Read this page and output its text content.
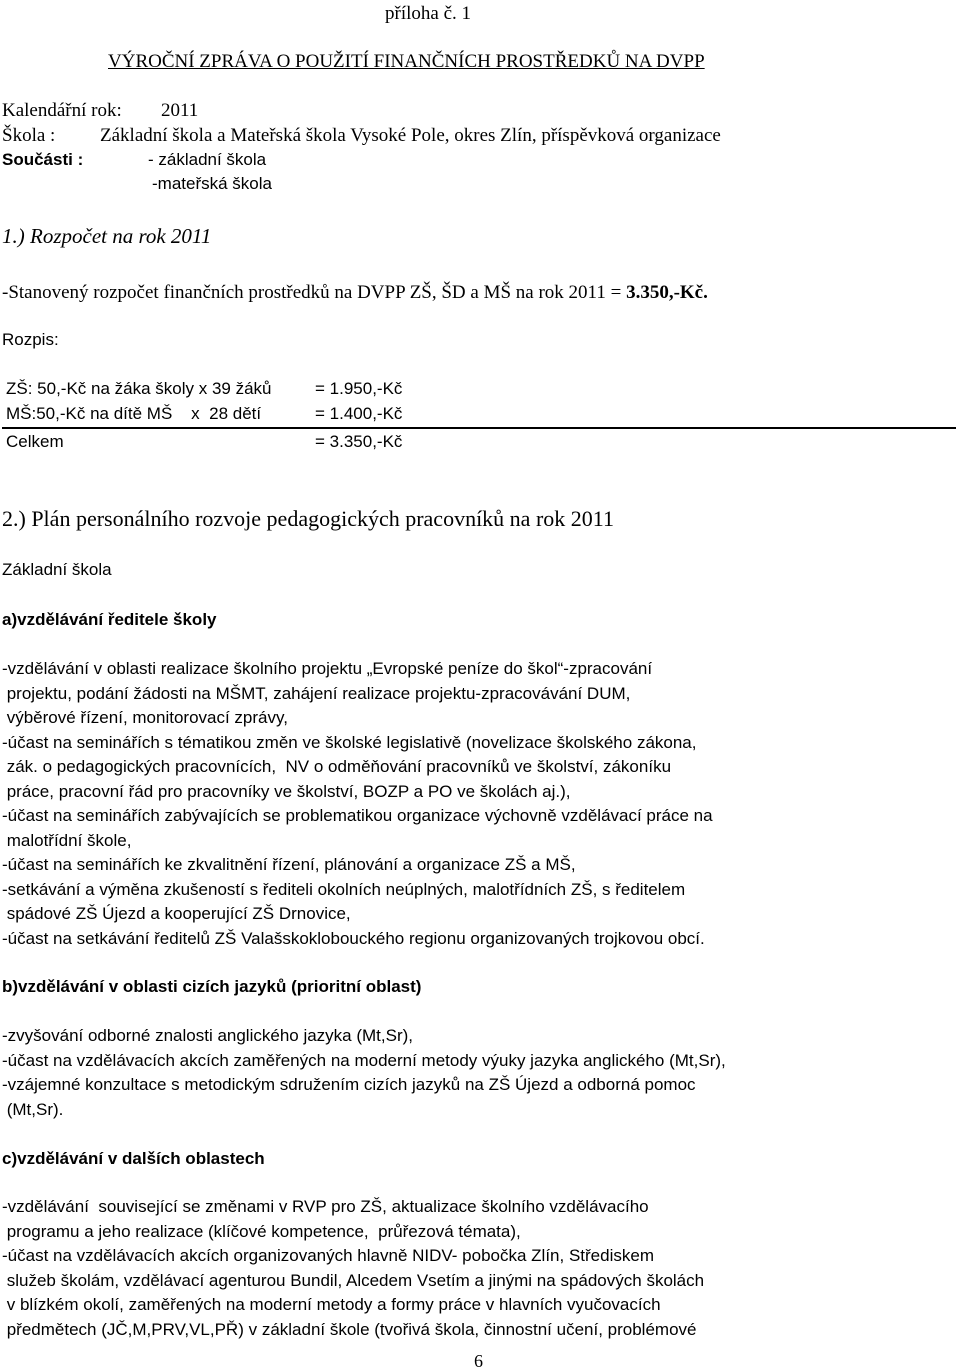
příloha č. 1
VÝROČNÍ ZPRÁVA O POUŽITÍ FINANČNÍCH PROSTŘEDKŮ NA DVPP
Kalendářní rok: 2011
Škola : Základní škola a Mateřská škola Vysoké Pole, okres Zlín, příspěvková organizace
Součásti :	- základní škola
-mateřská škola
1.) Rozpočet na rok 2011
-Stanovený rozpočet finančních prostředků na DVPP ZŠ, ŠD a MŠ na rok 2011 = 3.350,-Kč.
Rozpis:
ZŠ: 50,-Kč na žáka školy x 39 žáků	= 1.950,-Kč
MŠ:50,-Kč na dítě MŠ    x  28 dětí	= 1.400,-Kč
Celkem	= 3.350,-Kč
2.) Plán personálního rozvoje pedagogických pracovníků na rok 2011
Základní škola
a)vzdělávání ředitele školy
-vzdělávání v oblasti realizace školního projektu „Evropské peníze do škol“-zpracování
projektu, podání žádosti na MŠMT, zahájení realizace projektu-zpracovávání DUM,
výběrové řízení, monitorovací zprávy,
-účast na seminářích s tématikou změn ve školské legislativě (novelizace školského zákona,
zák. o pedagogických pracovnících,  NV o odměňování pracovníků ve školství, zákoníku
práce, pracovní řád pro pracovníky ve školství, BOZP a PO ve školách aj.),
-účast na seminářích zabývajících se problematikou organizace výchovně vzdělávací práce na
malotřídní škole,
-účast na seminářích ke zkvalitnění řízení, plánování a organizace ZŠ a MŠ,
-setkávání a výměna zkušeností s řediteli okolních neúplných, malotřídních ZŠ, s ředitelem
spádové ZŠ Újezd a kooperující ZŠ Drnovice,
-účast na setkávání ředitelů ZŠ Valašskoklobouckého regionu organizovaných trojkovou obcí.
b)vzdělávání v oblasti cizích jazyků (prioritní oblast)
-zvyšování odborné znalosti anglického jazyka (Mt,Sr),
-účast na vzdělávacích akcích zaměřených na moderní metody výuky jazyka anglického (Mt,Sr),
-vzájemné konzultace s metodickým sdružením cizích jazyků na ZŠ Újezd a odborná pomoc
(Mt,Sr).
c)vzdělávání v dalších oblastech
-vzdělávání  související se změnami v RVP pro ZŠ, aktualizace školního vzdělávacího
programu a jeho realizace (klíčové kompetence,  průřezová témata),
-účast na vzdělávacích akcích organizovaných hlavně NIDV- pobočka Zlín, Střediskem
služeb školám, vzdělávací agenturou Bundil, Alcedem Vsetím a jinými na spádových školách
v blízkém okolí, zaměřených na moderní metody a formy práce v hlavních vyučovacích
předmětech (JČ,M,PRV,VL,PŘ) v základní škole (tvořivá škola, činnostní učení, problémové
6
